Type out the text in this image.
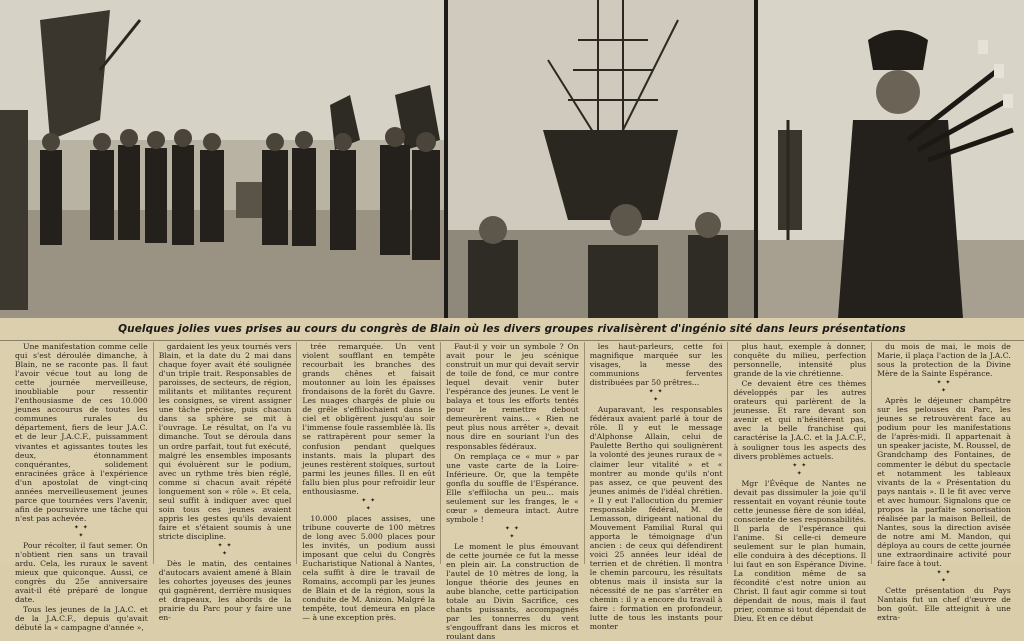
Quelques jolies vues prises au cours du congrès de Blain où les divers groupes rivalisèrent d'ingénio sité dans leurs présentations

Une manifestation comme celle qui s'est déroulée dimanche, à Blain, ne se raconte pas. Il faut l'avoir vécue tout au long de cette journée merveilleuse, inoubliable pour ressentir l'enthousiasme de ces 10.000 jeunes accourus de toutes les communes rurales du département, fiers de leur J.A.C. et de leur J.A.C.F., puissamment vivantes et agissantes toutes les deux, étonnamment conquérantes, solidement enracinées grâce à l'expérience d'un apostolat de vingt-cinq années merveilleusement jeunes parce que tournées vers l'avenir, afin de poursuivre une tâche qui n'est pas achevée.

✦ ✦
✦

Pour récolter, il faut semer. On n'obtient rien sans un travail ardu. Cela, les ruraux le savent mieux que quiconque. Aussi, ce congrès du 25e anniversaire avait-il été préparé de longue date.

Tous les jeunes de la J.A.C. et de la J.A.C.F., depuis qu'avait débuté la « campagne d'année »,

gardaient les yeux tournés vers Blain, et la date du 2 mai dans chaque foyer avait été soulignée d'un triple trait. Responsables de paroisses, de secteurs, de région, militants et militantes reçurent les consignes, se virent assigner une tâche précise, puis chacun dans sa sphère se mit à l'ouvrage. Le résultat, on l'a vu dimanche. Tout se déroula dans un ordre parfait, tout fut exécuté, malgré les ensembles imposants qui évoluèrent sur le podium, avec un rythme très bien réglé, comme si chacun avait répété longuement son « rôle ». Et cela, seul suffit à indiquer avec quel soin tous ces jeunes avaient appris les gestes qu'ils devaient faire et s'étaient soumis à une stricte discipline.

✦ ✦
✦

Dès le matin, des centaines d'autocars avaient amené à Blain les cohortes joyeuses des jeunes qui gagnèrent, derrière musiques et drapeaux, les abords de la prairie du Parc pour y faire une en-

trée remarquée. Un vent violent soufflant en tempête recourbait les branches des grands chênes et faisait moutonner au loin les épaisses frondaisons de la forêt du Gavre. Les nuages chargés de pluie ou de grêle s'effilochaient dans le ciel et obligèrent jusqu'au soir l'immense foule rassemblée là. Ils se rattrapèrent pour semer la confusion pendant quelques instants. mais la plupart des jeunes restèrent stoïques, surtout parmi les jeunes filles. Il en eût fallu bien plus pour refroidir leur enthousiasme.

✦ ✦
✦

10.000 places assises, une tribune couverte de 100 mètres de long avec 5.000 places pour les invités, un podium aussi imposant que celui du Congrès Eucharistique National à Nantes, cela suffit à dire le travail de Romains, accompli par les jeunes de Blain et de la région, sous la conduite de M. Anizon. Malgré la tempête, tout demeura en place — à une exception près.

Faut-il y voir un symbole ? On avait pour le jeu scénique construit un mur qui devait servir de toile de fond, ce mur contre lequel devait venir buter l'espérance des jeunes. Le vent le balaya et tous les efforts tentés pour le remettre debout demeurèrent vains... « Rien ne peut plus nous arrêter », devait nous dire en souriant l'un des responsables fédéraux.

On remplaça ce « mur » par une vaste carte de la Loire-Inférieure. Or, que la tempête gonfla du souffle de l'Espérance. Elle s'effilocha un peu... mais seulement sur les franges, le « cœur » demeura intact. Autre symbole !

✦ ✦
✦

Le moment le plus émouvant de cette journée ce fut la messe en plein air. La construction de l'autel de 10 mètres de long, la longue théorie des jeunes en aube blanche, cette participation totale au Divin Sacrifice, ces chants puissants, accompagnés par les tonnerres du vent s'engouffrant dans les micros et roulant dans

les haut-parleurs, cette foi magnifique marquée sur les visages, la messe des communions ferventes distribuées par 50 prêtres...

✦ ✦
✦

Auparavant, les responsables fédéraux avaient parlé à tour de rôle. Il y eut le message d'Alphonse Allain, celui de Paulette Bertho qui soulignèrent la volonté des jeunes ruraux de « claimer leur vitalité » et « montrer au monde qu'ils n'ont pas assez, ce que peuvent des jeunes animés de l'idéal chrétien. » Il y eut l'allocution du premier responsable fédéral, M. de Lemasson, dirigeant national du Mouvement Familial Rural qui apporta le témoignage d'un ancien : de ceux qui défendirent voici 25 années leur idéal de terrien et de chrétien. Il montra le chemin parcouru, les résultats obtenus mais il insista sur la nécessité de ne pas s'arrêter en chemin : il y a encore du travail à faire : formation en profondeur, lutte de tous les instants pour monter

plus haut, exemple à donner, conquête du milieu, perfection personnelle, intensité plus grande de la vie chrétienne.

Ce devaient être ces thèmes développés par les autres orateurs qui parlèrent de la jeunesse. Et rare devant son avenir et qui n'hésitèrent pas, avec la belle franchise qui caractérise la J.A.C. et la J.A.C.F., à souligner tous les aspects des divers problèmes actuels.

✦ ✦
✦

Mgr l'Évêque de Nantes ne devait pas dissimuler la joie qu'il ressentait en voyant réunie toute cette jeunesse fière de son idéal, consciente de ses responsabilités. Il parla de l'espérance qui l'anime. Si celle-ci demeure seulement sur le plan humain, elle conduira à des déceptions. Il lui faut en son Espérance Divine. La condition même de sa fécondité c'est notre union au Christ. Il faut agir comme si tout dépendait de nous, mais il faut prier, comme si tout dépendait de Dieu. Et en ce début

du mois de mai, le mois de Marie, il plaça l'action de la J.A.C. sous la protection de la Divine Mère de la Sainte Espérance.

✦ ✦
✦

Après le déjeuner champêtre sur les pelouses du Parc, les jeunes se retrouvèrent face au podium pour les manifestations de l'après-midi. Il appartenait à un speaker jaciste, M. Roussel, de Grandchamp des Fontaines, de commenter le début du spectacle et notamment les tableaux vivants de la « Présentation du pays nantais ». Il le fit avec verve et avec humour. Signalons que ce propos la parfaite sonorisation réalisée par la maison Belleil, de Nantes, sous la direction avisée de notre ami M. Mandon, qui déploya au cours de cette journée une extraordinaire activité pour faire face à tout.

✦ ✦
✦

Cette présentation du Pays Nantais fut un chef d'œuvre de bon goût. Elle atteignit à une extra-
